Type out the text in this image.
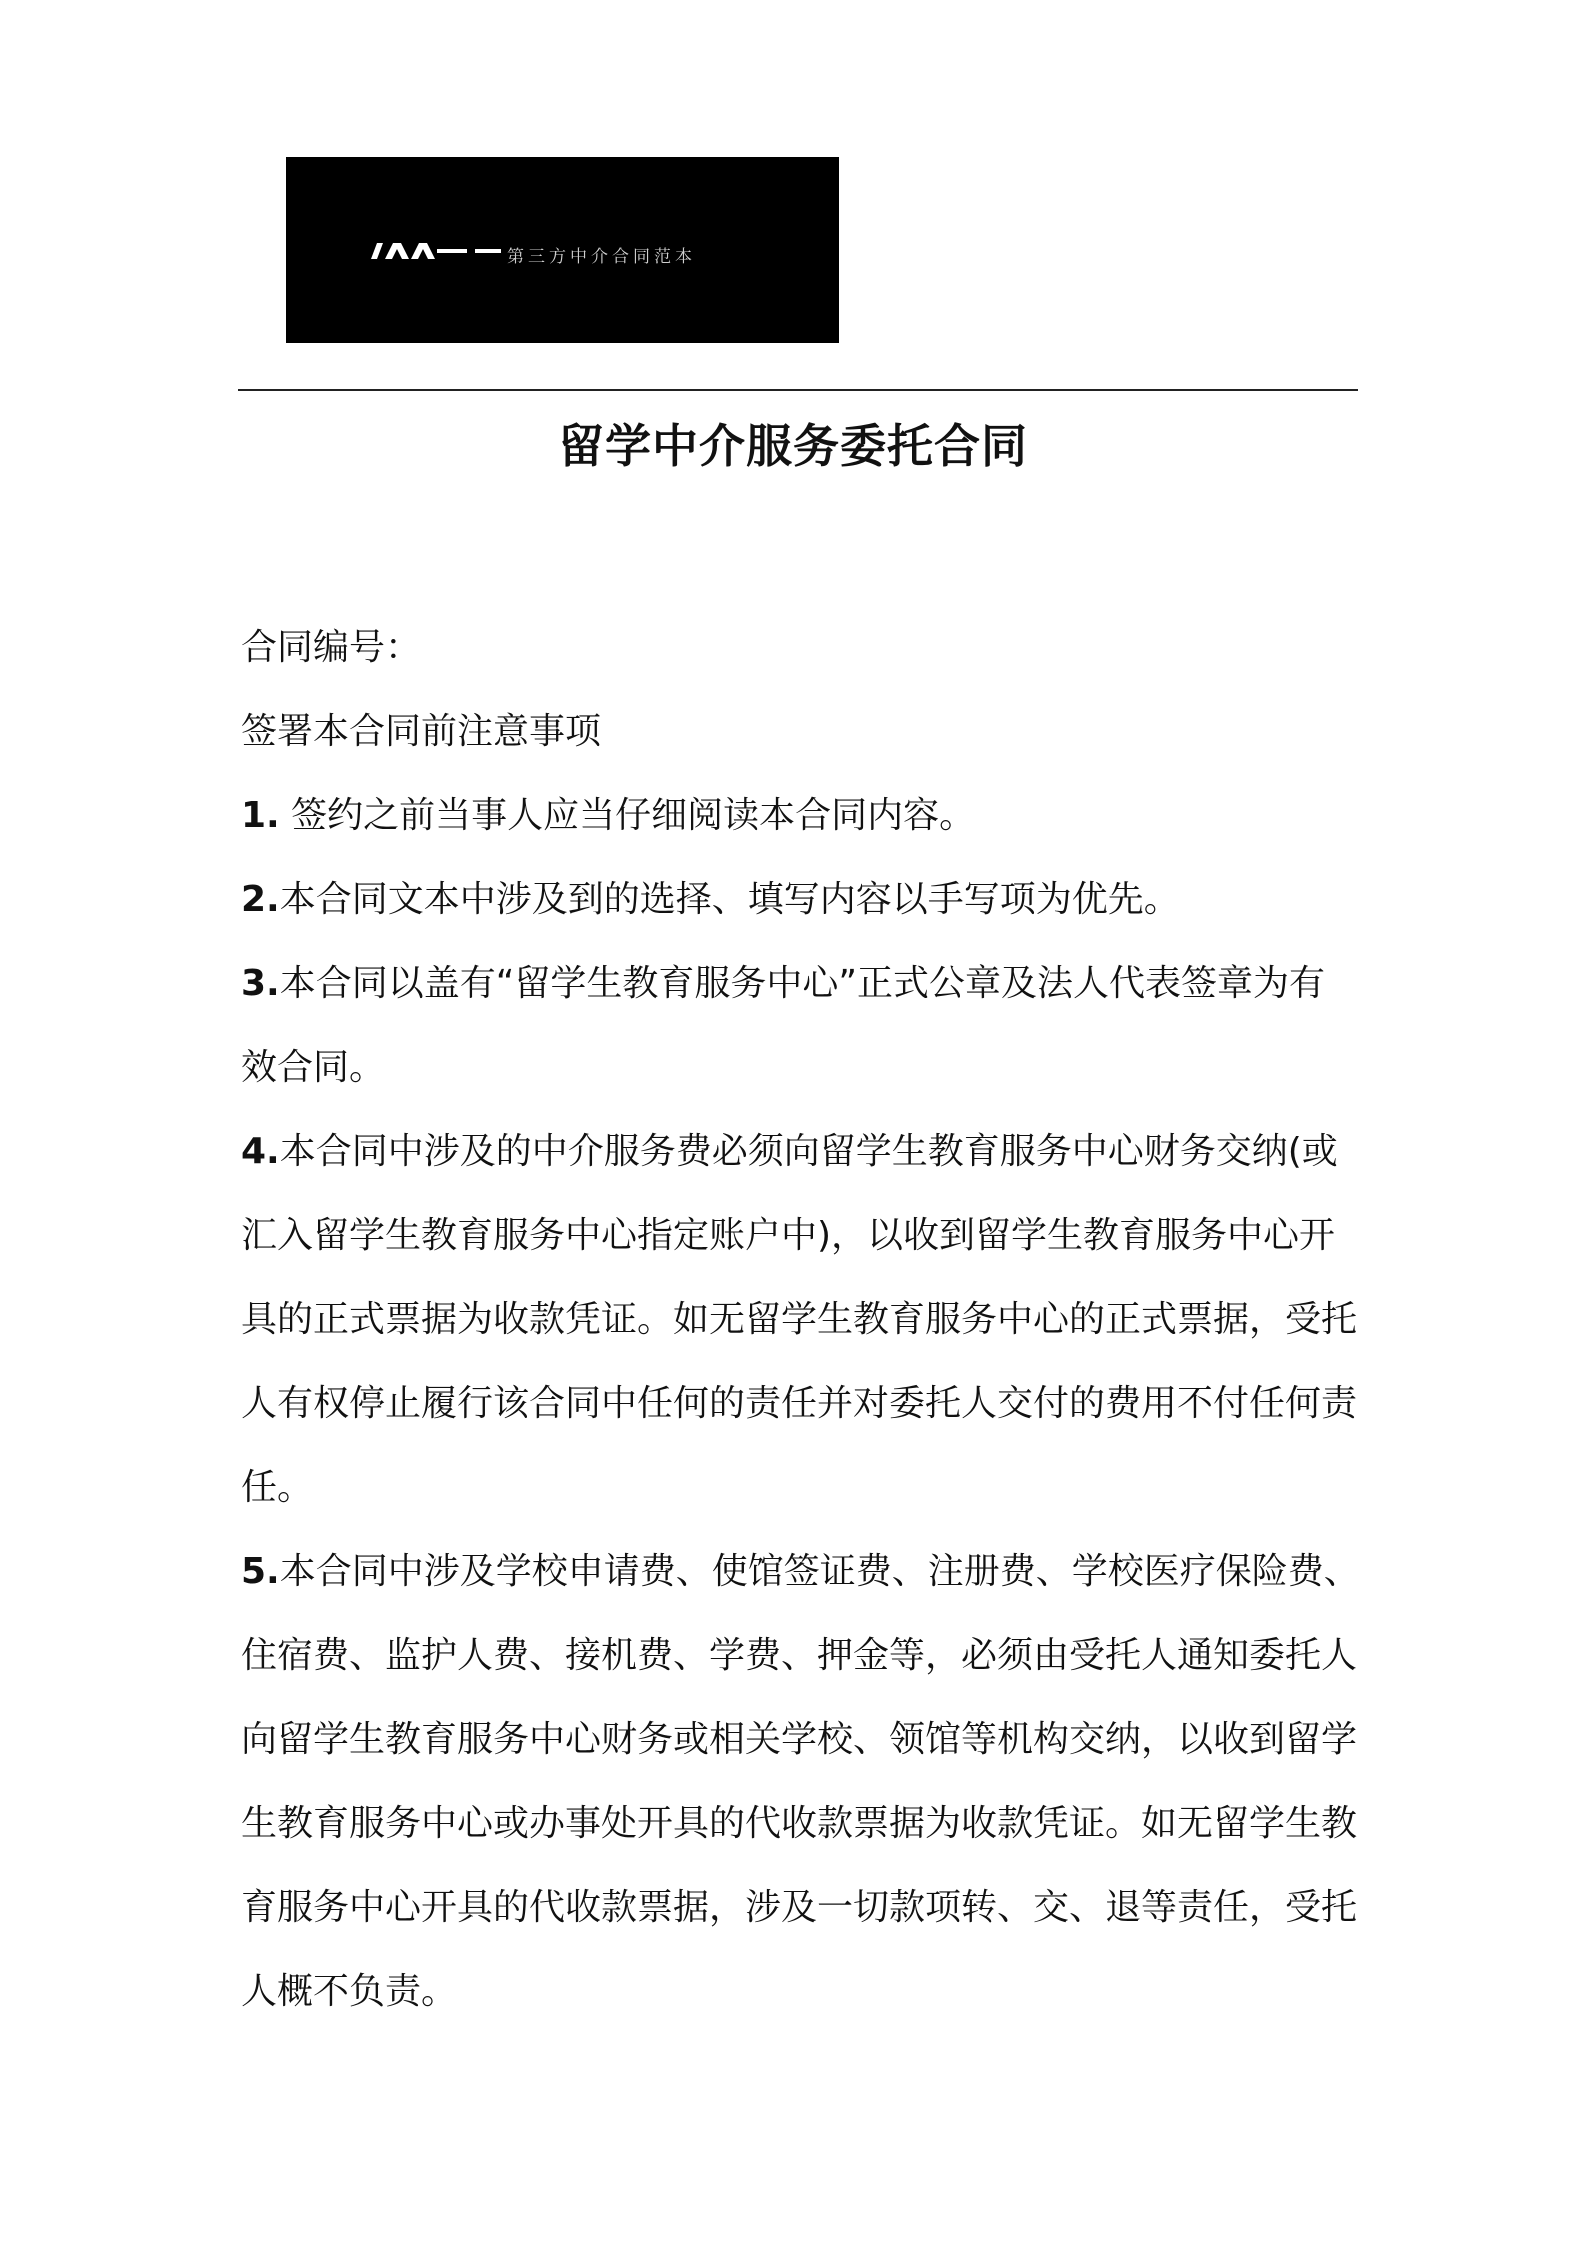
第三方中介合同范本
留学中介服务委托合同

合同编号：

签署本合同前注意事项

1. 签约之前当事人应当仔细阅读本合同内容。

2.本合同文本中涉及到的选择、填写内容以手写项为优先。

3.本合同以盖有“留学生教育服务中心”正式公章及法人代表签章为有效合同。

4.本合同中涉及的中介服务费必须向留学生教育服务中心财务交纳(或汇入留学生教育服务中心指定账户中)，以收到留学生教育服务中心开具的正式票据为收款凭证。如无留学生教育服务中心的正式票据，受托人有权停止履行该合同中任何的责任并对委托人交付的费用不付任何责任。

5.本合同中涉及学校申请费、使馆签证费、注册费、学校医疗保险费、住宿费、监护人费、接机费、学费、押金等，必须由受托人通知委托人向留学生教育服务中心财务或相关学校、领馆等机构交纳，以收到留学生教育服务中心或办事处开具的代收款票据为收款凭证。如无留学生教育服务中心开具的代收款票据，涉及一切款项转、交、退等责任，受托人概不负责。
